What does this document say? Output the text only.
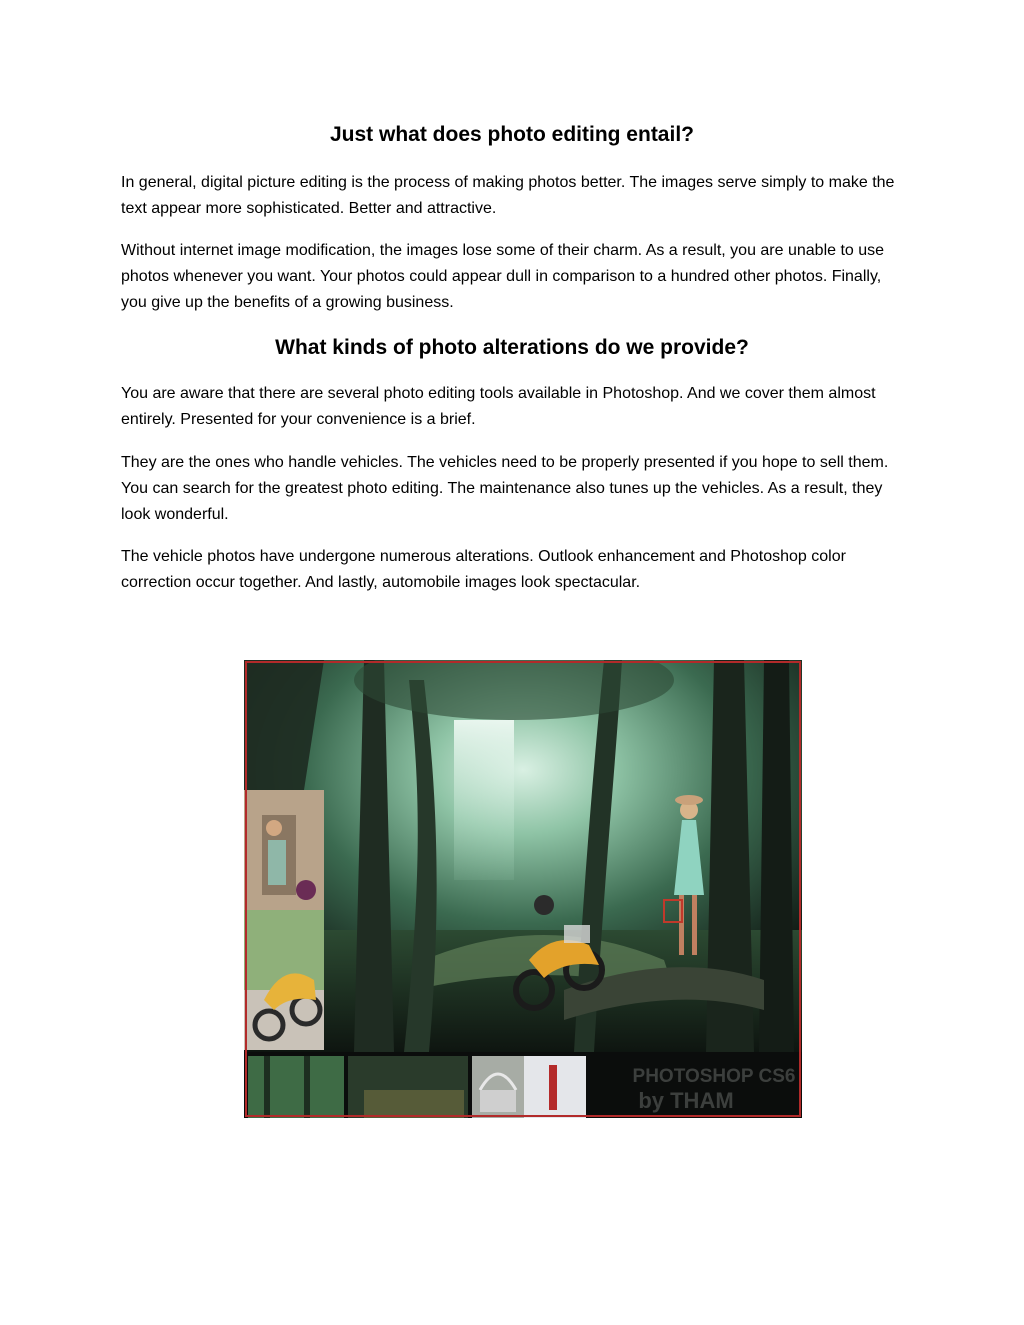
Just what does photo editing entail?

In general, digital picture editing is the process of making photos better. The images serve simply to make the text appear more sophisticated. Better and attractive.

Without internet image modification, the images lose some of their charm. As a result, you are unable to use photos whenever you want. Your photos could appear dull in comparison to a hundred other photos. Finally, you give up the benefits of a growing business.

What kinds of photo alterations do we provide?

You are aware that there are several photo editing tools available in Photoshop. And we cover them almost entirely. Presented for your convenience is a brief.

They are the ones who handle vehicles. The vehicles need to be properly presented if you hope to sell them. You can search for the greatest photo editing. The maintenance also tunes up the vehicles. As a result, they look wonderful.

The vehicle photos have undergone numerous alterations. Outlook enhancement and Photoshop color correction occur together. And lastly, automobile images look spectacular.

PHOTOSHOP CS6
by THAM
